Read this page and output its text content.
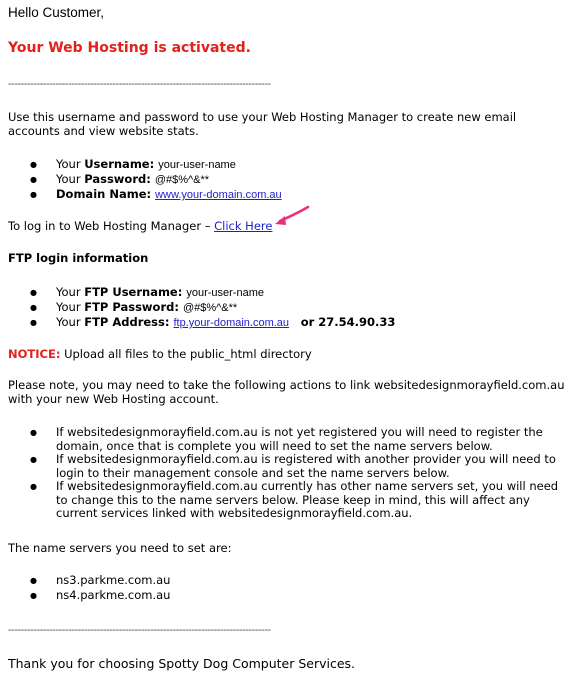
Hello Customer,
Your Web Hosting is activated.
-----------------------------------------------------------------------------------
Use this username and password to use your Web Hosting Manager to create new email accounts and view website stats.
● Your Username: your-user-name
● Your Password: @#$%^&**
● Domain Name: www.your-domain.com.au
To log in to Web Hosting Manager – Click Here
FTP login information
● Your FTP Username: your-user-name
● Your FTP Password: @#$%^&**
● Your FTP Address: ftp.your-domain.com.au or 27.54.90.33
NOTICE: Upload all files to the public_html directory
Please note, you may need to take the following actions to link websitedesignmorayfield.com.au with your new Web Hosting account.
● If websitedesignmorayfield.com.au is not yet registered you will need to register the domain, once that is complete you will need to set the name servers below.
● If websitedesignmorayfield.com.au is registered with another provider you will need to login to their management console and set the name servers below.
● If websitedesignmorayfield.com.au currently has other name servers set, you will need to change this to the name servers below. Please keep in mind, this will affect any current services linked with websitedesignmorayfield.com.au.
The name servers you need to set are:
● ns3.parkme.com.au
● ns4.parkme.com.au
-----------------------------------------------------------------------------------
Thank you for choosing Spotty Dog Computer Services.
